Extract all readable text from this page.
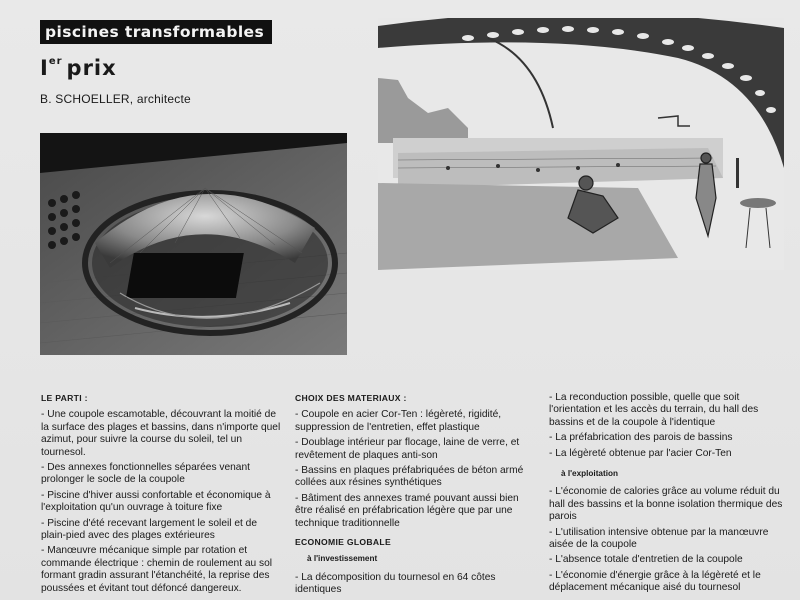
piscines transformables
Ier prix
B. SCHOELLER, architecte
LE PARTI :
- Une coupole escamotable, découvrant la moitié de la surface des plages et bassins, dans n'importe quel azimut, pour suivre la course du soleil, tel un tournesol.
- Des annexes fonctionnelles séparées venant prolonger le socle de la coupole
- Piscine d'hiver aussi confortable et économique à l'exploitation qu'un ouvrage à toiture fixe
- Piscine d'été recevant largement le soleil et de plain-pied avec des plages extérieures
- Manœuvre mécanique simple par rotation et commande électrique : chemin de roulement au sol formant gradin assurant l'étanchéité, la reprise des poussées et évitant tout défoncé dangereux.
CHOIX DES MATERIAUX :
- Coupole en acier Cor-Ten : légèreté, rigidité, suppression de l'entretien, effet plastique
- Doublage intérieur par flocage, laine de verre, et revêtement de plaques anti-son
- Bassins en plaques préfabriquées de béton armé collées aux résines synthétiques
- Bâtiment des annexes tramé pouvant aussi bien être réalisé en préfabrication légère que par une technique traditionnelle
ECONOMIE GLOBALE
à l'investissement
- La décomposition du tournesol en 64 côtes identiques
- La reconduction possible, quelle que soit l'orientation et les accès du terrain, du hall des bassins et de la coupole à l'identique
- La préfabrication des parois de bassins
- La légèreté obtenue par l'acier Cor-Ten
à l'exploitation
- L'économie de calories grâce au volume réduit du hall des bassins et la bonne isolation thermique des parois
- L'utilisation intensive obtenue par la manœuvre aisée de la coupole
- L'absence totale d'entretien de la coupole
- L'économie d'énergie grâce à la légèreté et le déplacement mécanique aisé du tournesol
